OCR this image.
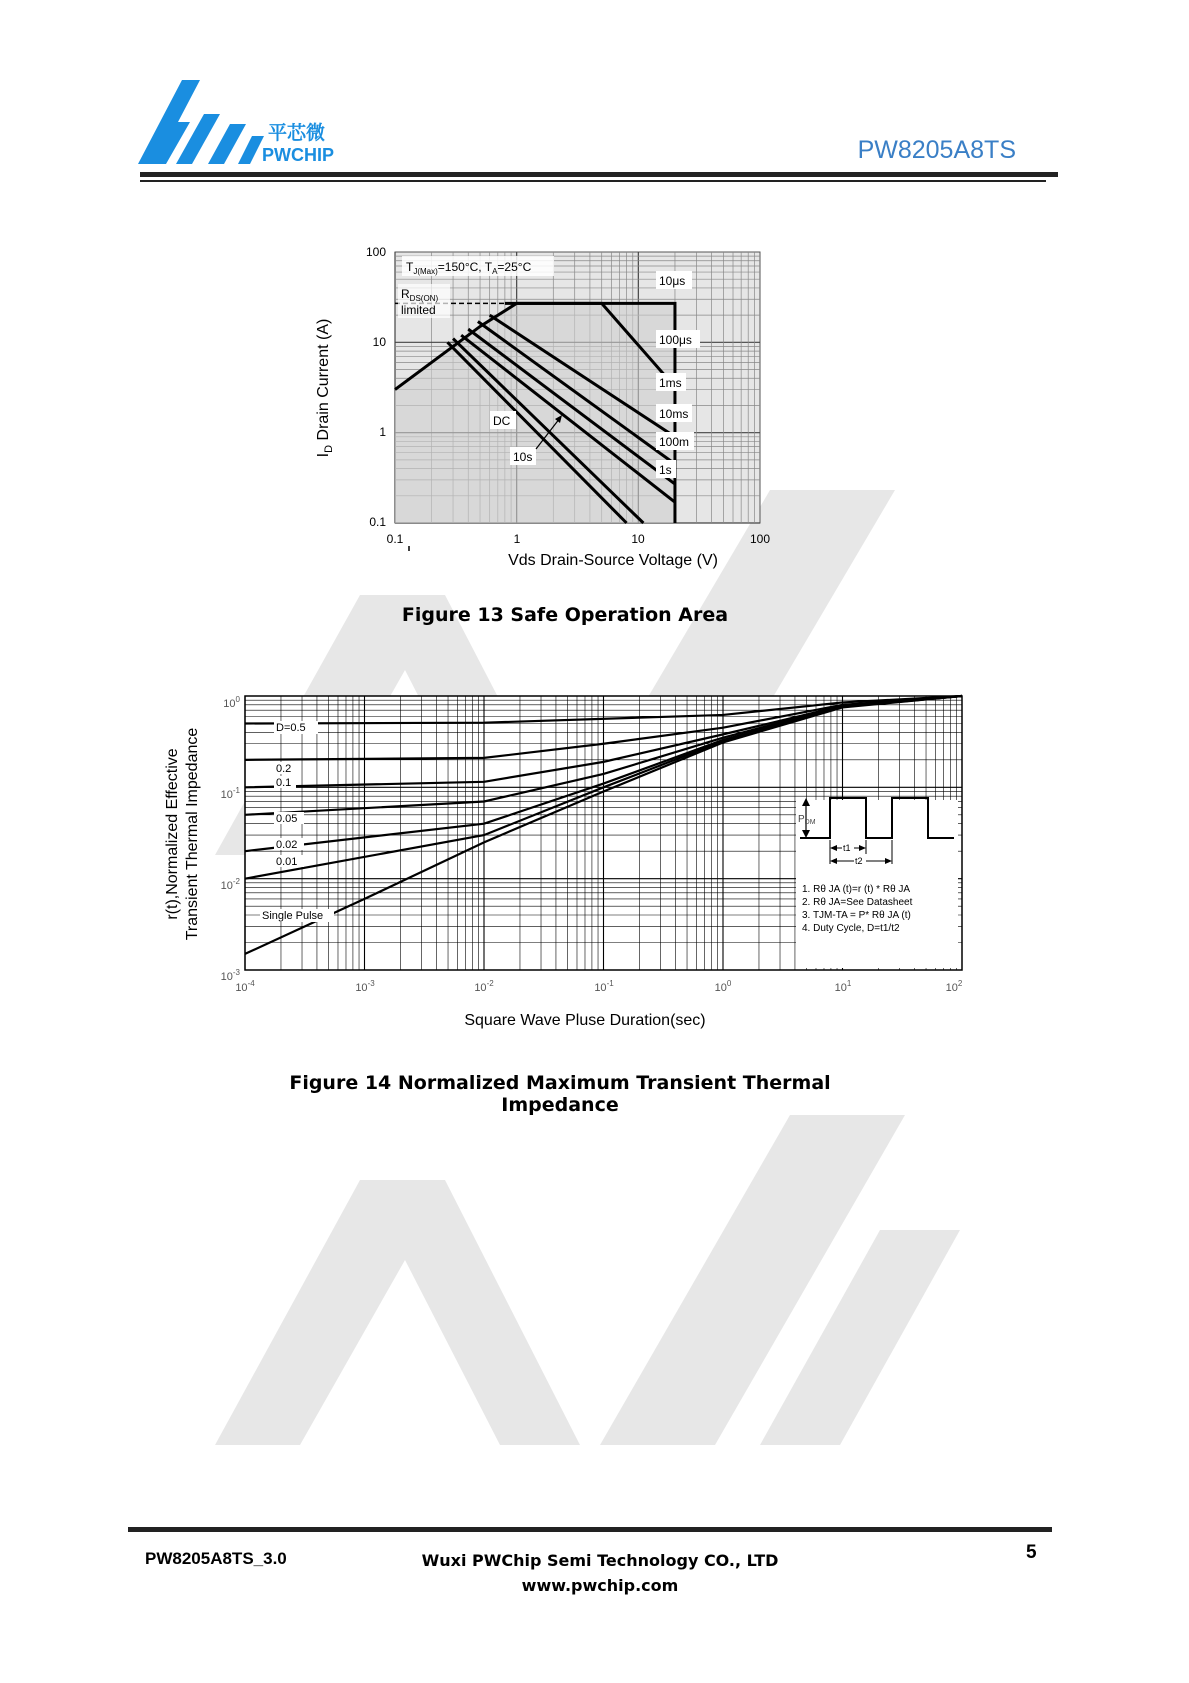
平芯微
PWCHIP	PW8205A8TS
$T_{J(Max)}=150^\circ C$, $T_A=25^\circ C$
$R_{DS(ON)}$
limited
10μs
100μs
1ms
10ms
100m
1s
DC
10s
100
10
1
0.1
0.1	1	10	100
Vds Drain-Source Voltage (V)
$I_D$ Drain Current (A)
Figure 13 Safe Operation Area
D=0.5
0.2
0.1
0.05
0.02
0.01
Single Pulse
$P_{DM}$
t1
t2
1. Rθ JA (t)=r (t) * Rθ JA
2. Rθ JA=See Datasheet
3. TJM-TA = P* Rθ JA (t)
4. Duty Cycle, D=t1/t2
$10^0$
$10^{-1}$
$10^{-2}$
$10^{-3}$
$10^{-4}$	$10^{-3}$	$10^{-2}$	$10^{-1}$	$10^0$	$10^1$	$10^2$
Square Wave Pluse Duration(sec)
r(t),Normalized Effective Transient Thermal Impedance
Figure 14 Normalized Maximum Transient Thermal Impedance
PW8205A8TS_3.0	Wuxi PWChip Semi Technology CO., LTD
www.pwchip.com
5
